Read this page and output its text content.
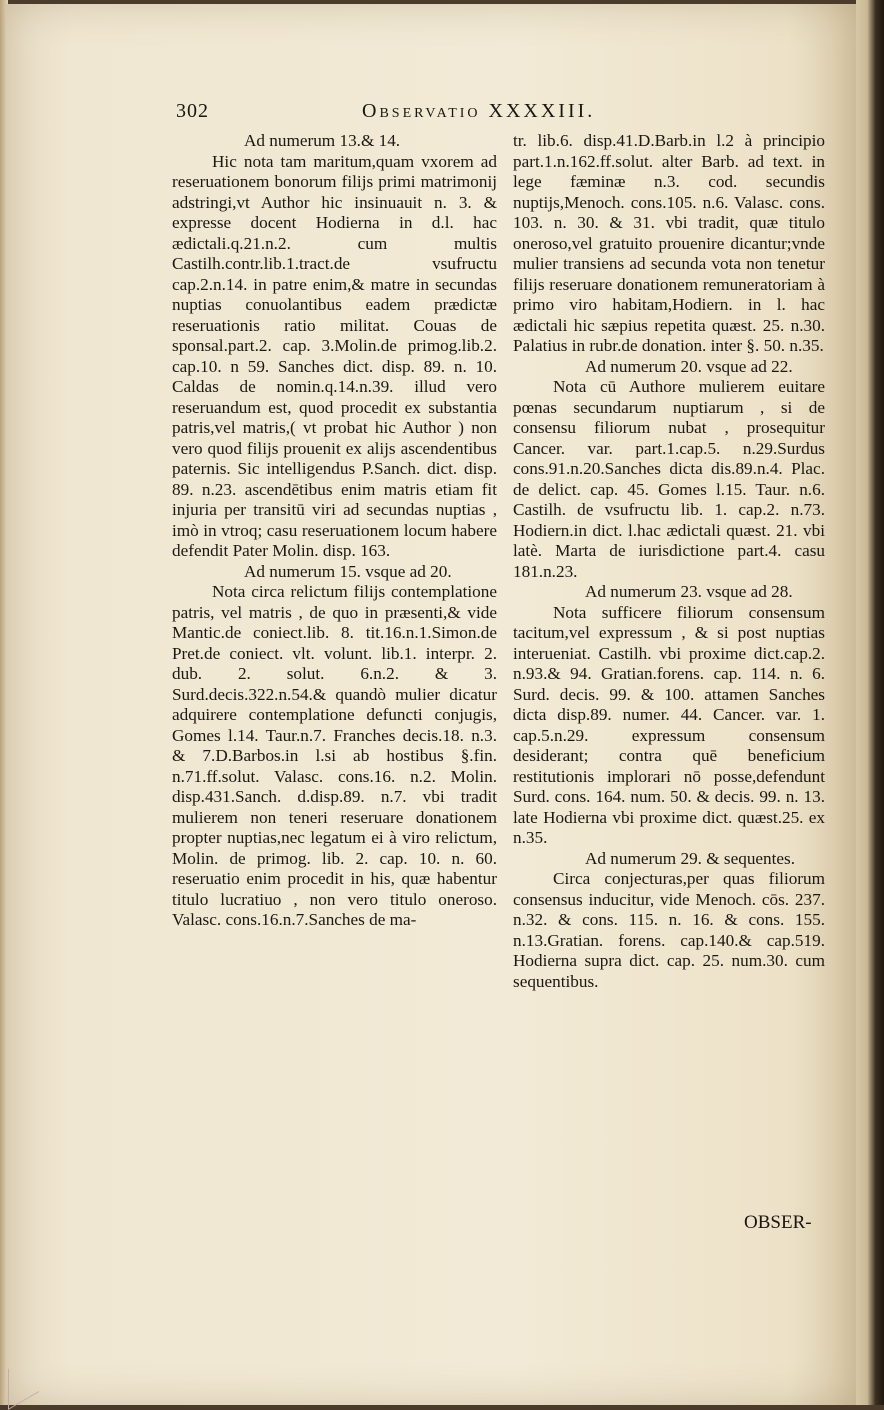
302	Observatio XXXXIII.

Ad numerum 13.& 14.

Hic nota tam maritum,quam vxorem ad reseruationem bonorum filijs primi matrimonij adstringi,vt Author hic insinuauit n. 3. & expresse docent Hodierna in d.l. hac ædictali.q.21.n.2. cum multis Castilh.contr.lib.1.tract.de vsufructu cap.2.n.14. in patre enim,& matre in secundas nuptias conuolantibus eadem prædictæ reseruationis ratio militat. Couas de sponsal.part.2. cap. 3.Molin.de primog.lib.2. cap.10. n 59. Sanches dict. disp. 89. n. 10. Caldas de nomin.q.14.n.39. illud vero reseruandum est, quod procedit ex substantia patris,vel matris,( vt probat hic Author ) non vero quod filijs prouenit ex alijs ascendentibus paternis. Sic intelligendus P.Sanch. dict. disp. 89. n.23. ascendētibus enim matris etiam fit injuria per transitū viri ad secundas nuptias , imò in vtroq; casu reseruationem locum habere defendit Pater Molin. disp. 163.

Ad numerum 15. vsque ad 20.

Nota circa relictum filijs contemplatione patris, vel matris , de quo in præsenti,& vide Mantic.de coniect.lib. 8. tit.16.n.1.Simon.de Pret.de coniect. vlt. volunt. lib.1. interpr. 2. dub. 2. solut. 6.n.2. & 3. Surd.decis.322.n.54.& quandò mulier dicatur adquirere contemplatione defuncti conjugis, Gomes l.14. Taur.n.7. Franches decis.18. n.3. & 7.D.Barbos.in l.si ab hostibus §.fin. n.71.ff.solut. Valasc. cons.16. n.2. Molin. disp.431.Sanch. d.disp.89. n.7. vbi tradit mulierem non teneri reseruare donationem propter nuptias,nec legatum ei à viro relictum, Molin. de primog. lib. 2. cap. 10. n. 60. reseruatio enim procedit in his, quæ habentur titulo lucratiuo , non vero titulo oneroso. Valasc. cons.16.n.7.Sanches de ma-

tr. lib.6. disp.41.D.Barb.in l.2 à principio part.1.n.162.ff.solut. alter Barb. ad text. in lege fæminæ n.3. cod. secundis nuptijs,Menoch. cons.105. n.6. Valasc. cons. 103. n. 30. & 31. vbi tradit, quæ titulo oneroso,vel gratuito prouenire dicantur;vnde mulier transiens ad secunda vota non tenetur filijs reseruare donationem remuneratoriam à primo viro habitam,Hodiern. in l. hac ædictali hic sæpius repetita quæst. 25. n.30. Palatius in rubr.de donation. inter §. 50. n.35.

Ad numerum 20. vsque ad 22.

Nota cū Authore mulierem euitare pœnas secundarum nuptiarum , si de consensu filiorum nubat , prosequitur Cancer. var. part.1.cap.5. n.29.Surdus cons.91.n.20.Sanches dicta dis.89.n.4. Plac. de delict. cap. 45. Gomes l.15. Taur. n.6. Castilh. de vsufructu lib. 1. cap.2. n.73. Hodiern.in dict. l.hac ædictali quæst. 21. vbi latè. Marta de iurisdictione part.4. casu 181.n.23.

Ad numerum 23. vsque ad 28.

Nota sufficere filiorum consensum tacitum,vel expressum , & si post nuptias interueniat. Castilh. vbi proxime dict.cap.2. n.93.& 94. Gratian.forens. cap. 114. n. 6. Surd. decis. 99. & 100. attamen Sanches dicta disp.89. numer. 44. Cancer. var. 1. cap.5.n.29. expressum consensum desiderant; contra quē beneficium restitutionis implorari nō posse,defendunt Surd. cons. 164. num. 50. & decis. 99. n. 13. late Hodierna vbi proxime dict. quæst.25. ex n.35.

Ad numerum 29. & sequentes.

Circa conjecturas,per quas filiorum consensus inducitur, vide Menoch. cōs. 237. n.32. & cons. 115. n. 16. & cons. 155. n.13.Gratian. forens. cap.140.& cap.519. Hodierna supra dict. cap. 25. num.30. cum sequentibus.

OBSER-
